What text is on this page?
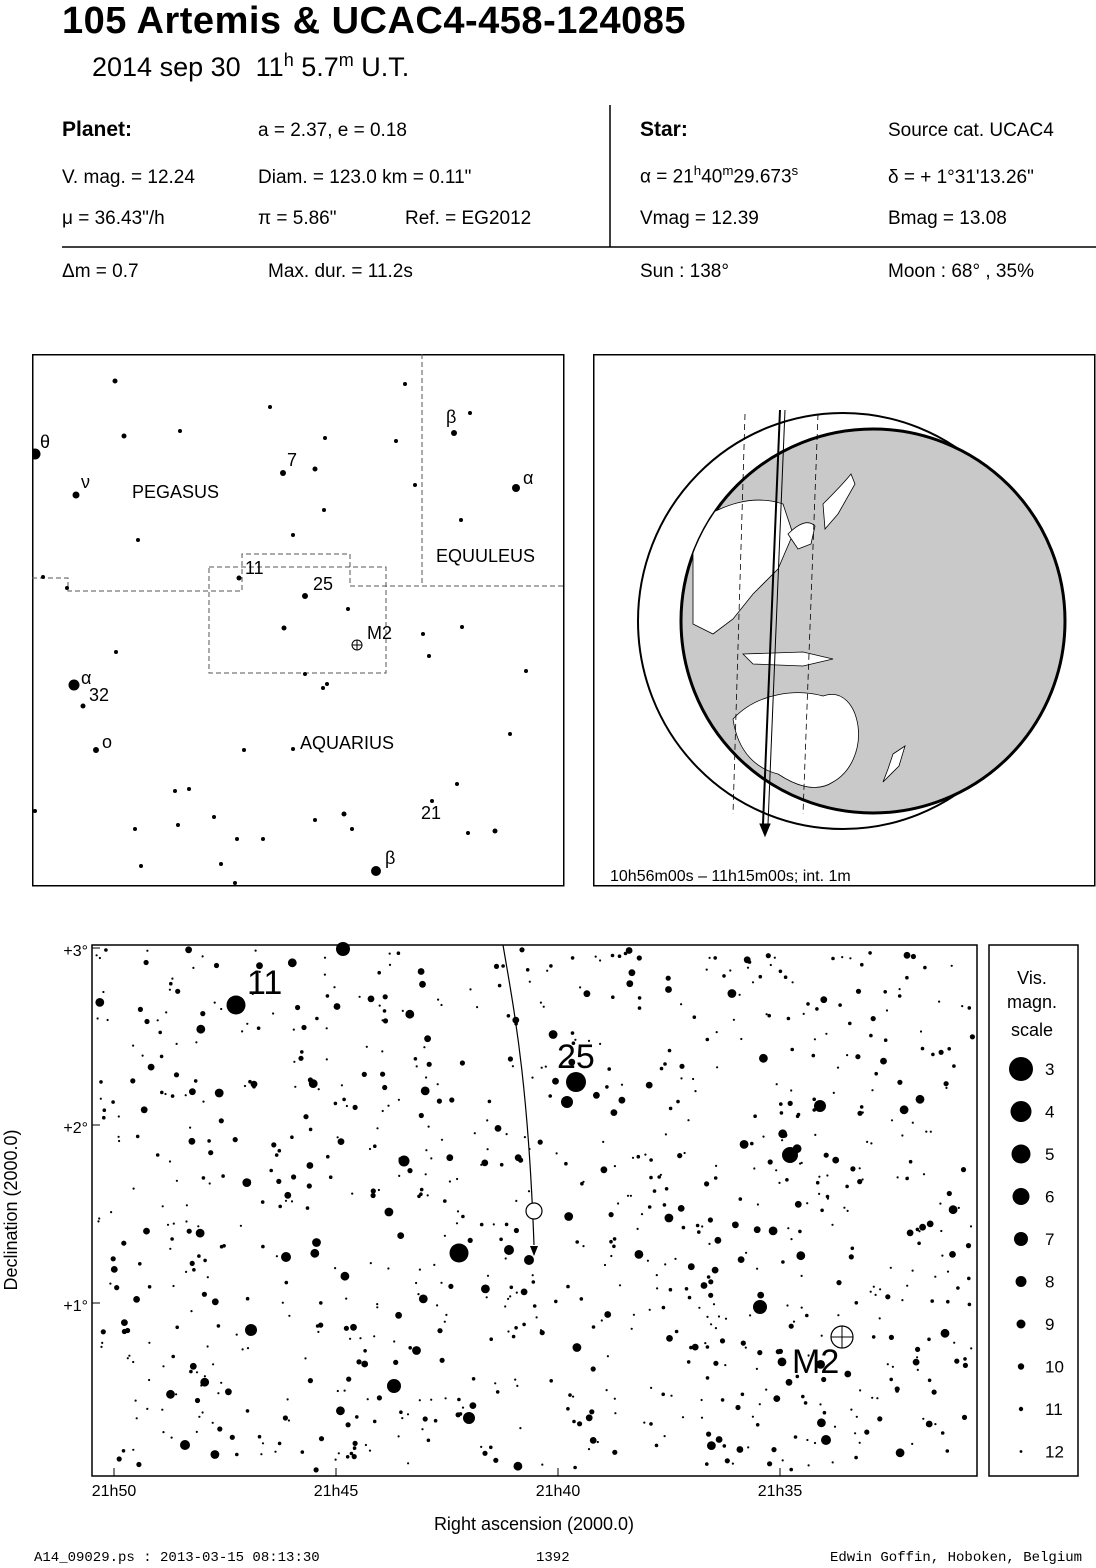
105 Artemis & UCAC4-458-124085
2014 sep 30 11$^h$ 5.7$^m$ U.T.
Planet:	a = 2.37, e = 0.18
V. mag. = 12.24	Diam. = 123.0 km = 0.11"
μ = 36.43"/h	π = 5.86"	Ref. = EG2012
Δm = 0.7	Max. dur. = 11.2s
Star:	Source cat. UCAC4
$\alpha = 21^h40^m29.673^s$	δ = + 1°31'13.26"
Vmag = 12.39	Bmag = 13.08
Sun : 138°	Moon : 68° , 35%
PEGASUS
EQUULEUS
AQUARIUS
M2
7
11
25
32
21
θ
ν
β
α
α
ο
β
10h56m00s – 11h15m00s; int. 1m
11
25
M2
+3°
+2°
+1°
21h50	21h45	21h40	21h35
Right ascension (2000.0)
Declination (2000.0)
Vis.
magn.
scale
3
4
5
6
7
8
9
10
11
12
A14_09029.ps : 2013-03-15 08:13:30	1392	Edwin Goffin, Hoboken, Belgium
